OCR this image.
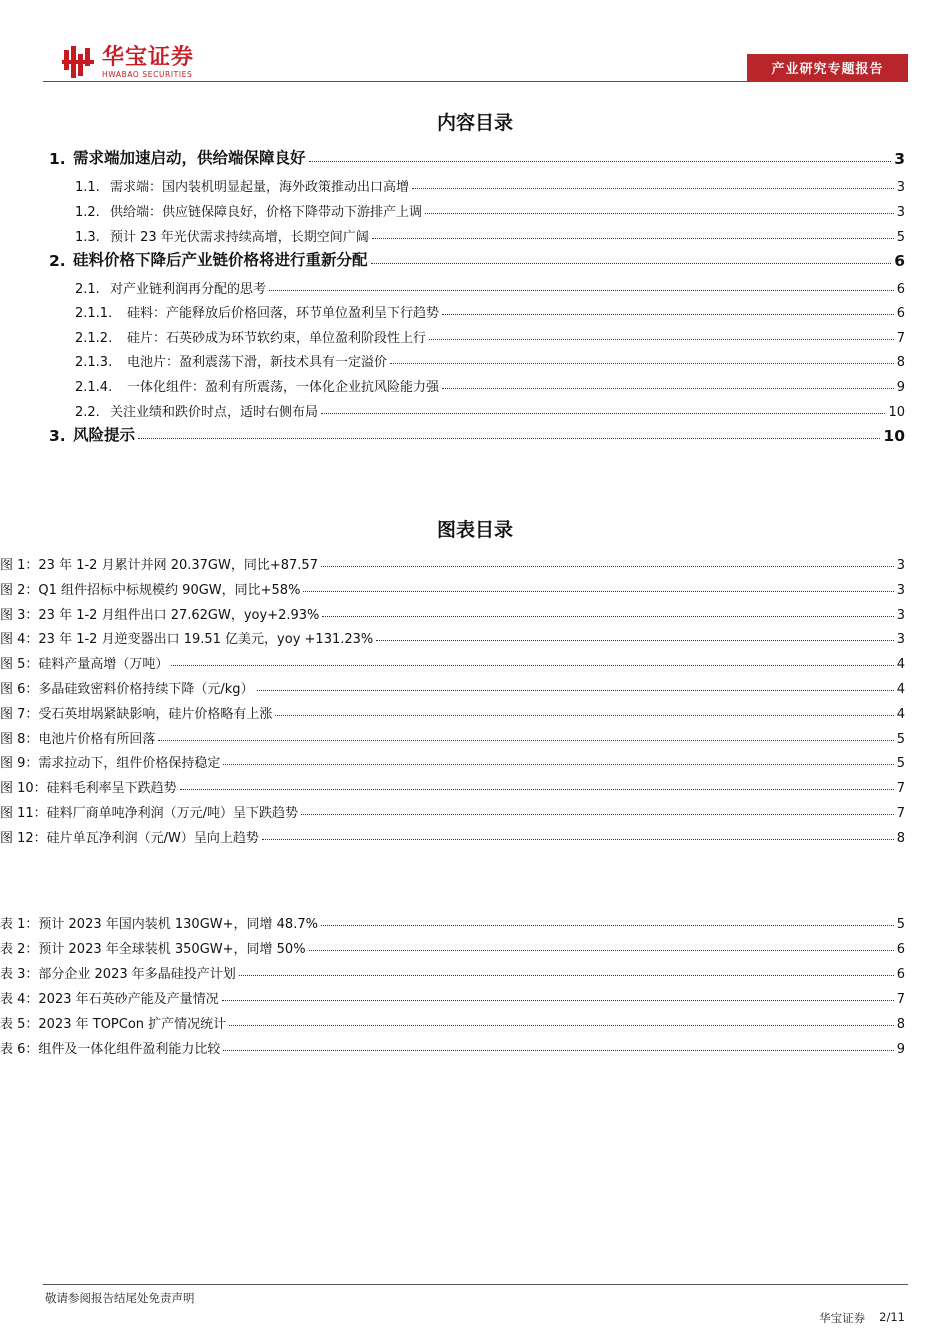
华宝证券
HWABAO SECURITIES	产业研究专题报告
内容目录
1. 需求端加速启动，供给端保障良好	3
1.1. 需求端：国内装机明显起量，海外政策推动出口高增	3
1.2. 供给端：供应链保障良好，价格下降带动下游排产上调	3
1.3. 预计 23 年光伏需求持续高增，长期空间广阔	5
2. 硅料价格下降后产业链价格将进行重新分配	6
2.1. 对产业链利润再分配的思考	6
2.1.1.	硅料：产能释放后价格回落，环节单位盈利呈下行趋势	6
2.1.2.	硅片：石英砂成为环节软约束，单位盈利阶段性上行	7
2.1.3.	电池片：盈利震荡下滑，新技术具有一定溢价	8
2.1.4.	一体化组件：盈利有所震荡，一体化企业抗风险能力强	9
2.2. 关注业绩和跌价时点，适时右侧布局	10
3. 风险提示	10
图表目录
图 1：23 年 1-2 月累计并网 20.37GW，同比+87.57	3
图 2：Q1 组件招标中标规模约 90GW，同比+58%	3
图 3：23 年 1-2 月组件出口 27.62GW，yoy+2.93%	3
图 4：23 年 1-2 月逆变器出口 19.51 亿美元，yoy +131.23%	3
图 5：硅料产量高增（万吨）	4
图 6：多晶硅致密料价格持续下降（元/kg）	4
图 7：受石英坩埚紧缺影响，硅片价格略有上涨	4
图 8：电池片价格有所回落	5
图 9：需求拉动下，组件价格保持稳定	5
图 10：硅料毛利率呈下跌趋势	7
图 11：硅料厂商单吨净利润（万元/吨）呈下跌趋势	7
图 12：硅片单瓦净利润（元/W）呈向上趋势	8
表 1：预计 2023 年国内装机 130GW+，同增 48.7%	5
表 2：预计 2023 年全球装机 350GW+，同增 50%	6
表 3：部分企业 2023 年多晶硅投产计划	6
表 4：2023 年石英砂产能及产量情况	7
表 5：2023 年 TOPCon 扩产情况统计	8
表 6：组件及一体化组件盈利能力比较	9
敬请参阅报告结尾处免责声明
华宝证券 2/11
